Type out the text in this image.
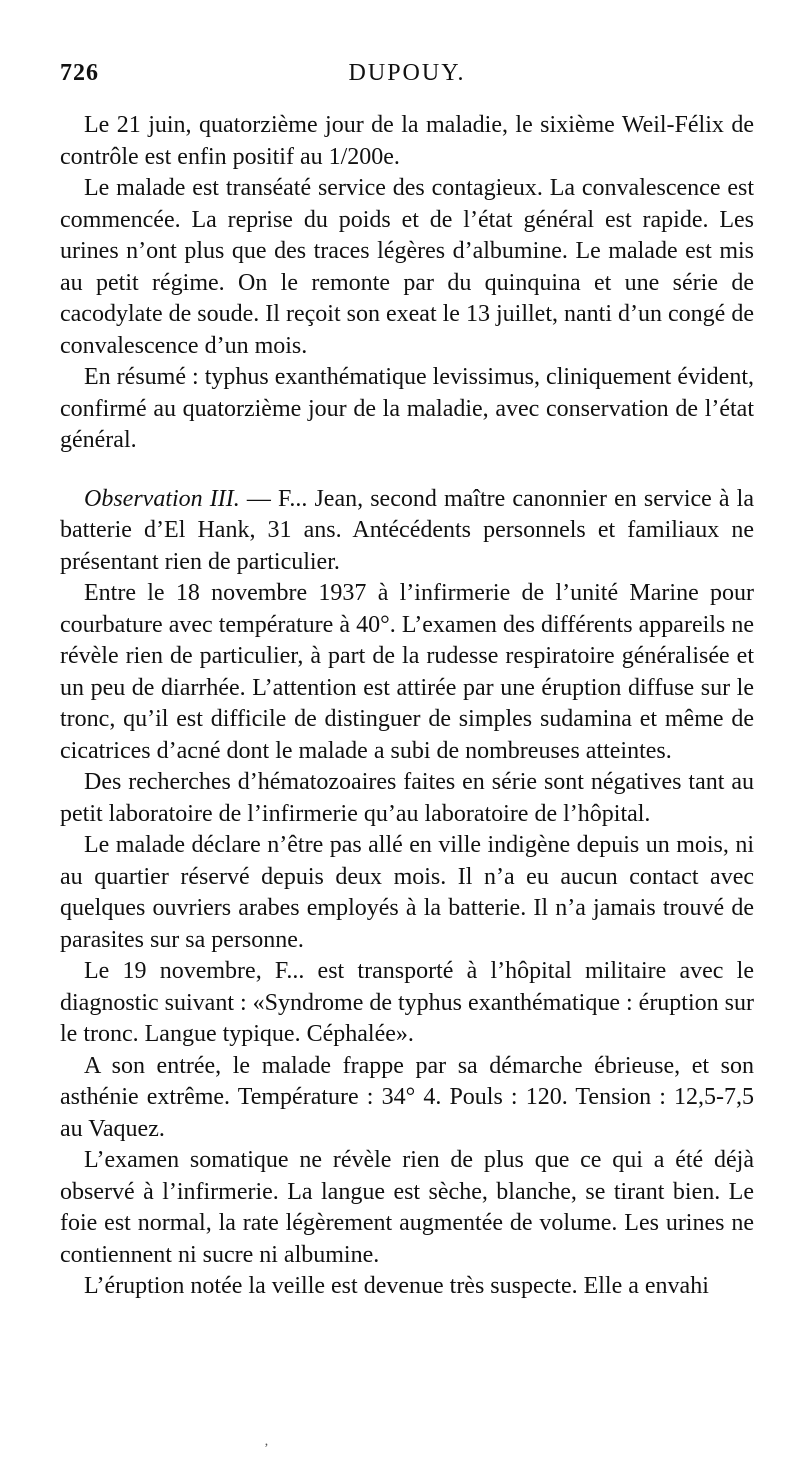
726	DUPOUY.

Le 21 juin, quatorzième jour de la maladie, le sixième Weil-Félix de contrôle est enfin positif au 1/200e.

Le malade est transéaté service des contagieux. La convalescence est commencée. La reprise du poids et de l’état général est rapide. Les urines n’ont plus que des traces légères d’albumine. Le malade est mis au petit régime. On le remonte par du quinquina et une série de cacodylate de soude. Il reçoit son exeat le 13 juillet, nanti d’un congé de convalescence d’un mois.

En résumé : typhus exanthématique levissimus, cliniquement évident, confirmé au quatorzième jour de la maladie, avec conservation de l’état général.

Observation III. — F... Jean, second maître canonnier en service à la batterie d’El Hank, 31 ans. Antécédents personnels et familiaux ne présentant rien de particulier.

Entre le 18 novembre 1937 à l’infirmerie de l’unité Marine pour courbature avec température à 40°. L’examen des différents appareils ne révèle rien de particulier, à part de la rudesse respiratoire généralisée et un peu de diarrhée. L’attention est attirée par une éruption diffuse sur le tronc, qu’il est difficile de distinguer de simples sudamina et même de cicatrices d’acné dont le malade a subi de nombreuses atteintes.

Des recherches d’hématozoaires faites en série sont négatives tant au petit laboratoire de l’infirmerie qu’au laboratoire de l’hôpital.

Le malade déclare n’être pas allé en ville indigène depuis un mois, ni au quartier réservé depuis deux mois. Il n’a eu aucun contact avec quelques ouvriers arabes employés à la batterie. Il n’a jamais trouvé de parasites sur sa personne.

Le 19 novembre, F... est transporté à l’hôpital militaire avec le diagnostic suivant : «Syndrome de typhus exanthématique : éruption sur le tronc. Langue typique. Céphalée».

A son entrée, le malade frappe par sa démarche ébrieuse, et son asthénie extrême. Température : 34° 4. Pouls : 120. Tension : 12,5-7,5 au Vaquez.

L’examen somatique ne révèle rien de plus que ce qui a été déjà observé à l’infirmerie. La langue est sèche, blanche, se tirant bien. Le foie est normal, la rate légèrement augmentée de volume. Les urines ne contiennent ni sucre ni albumine.

L’éruption notée la veille est devenue très suspecte. Elle a envahi

‚
